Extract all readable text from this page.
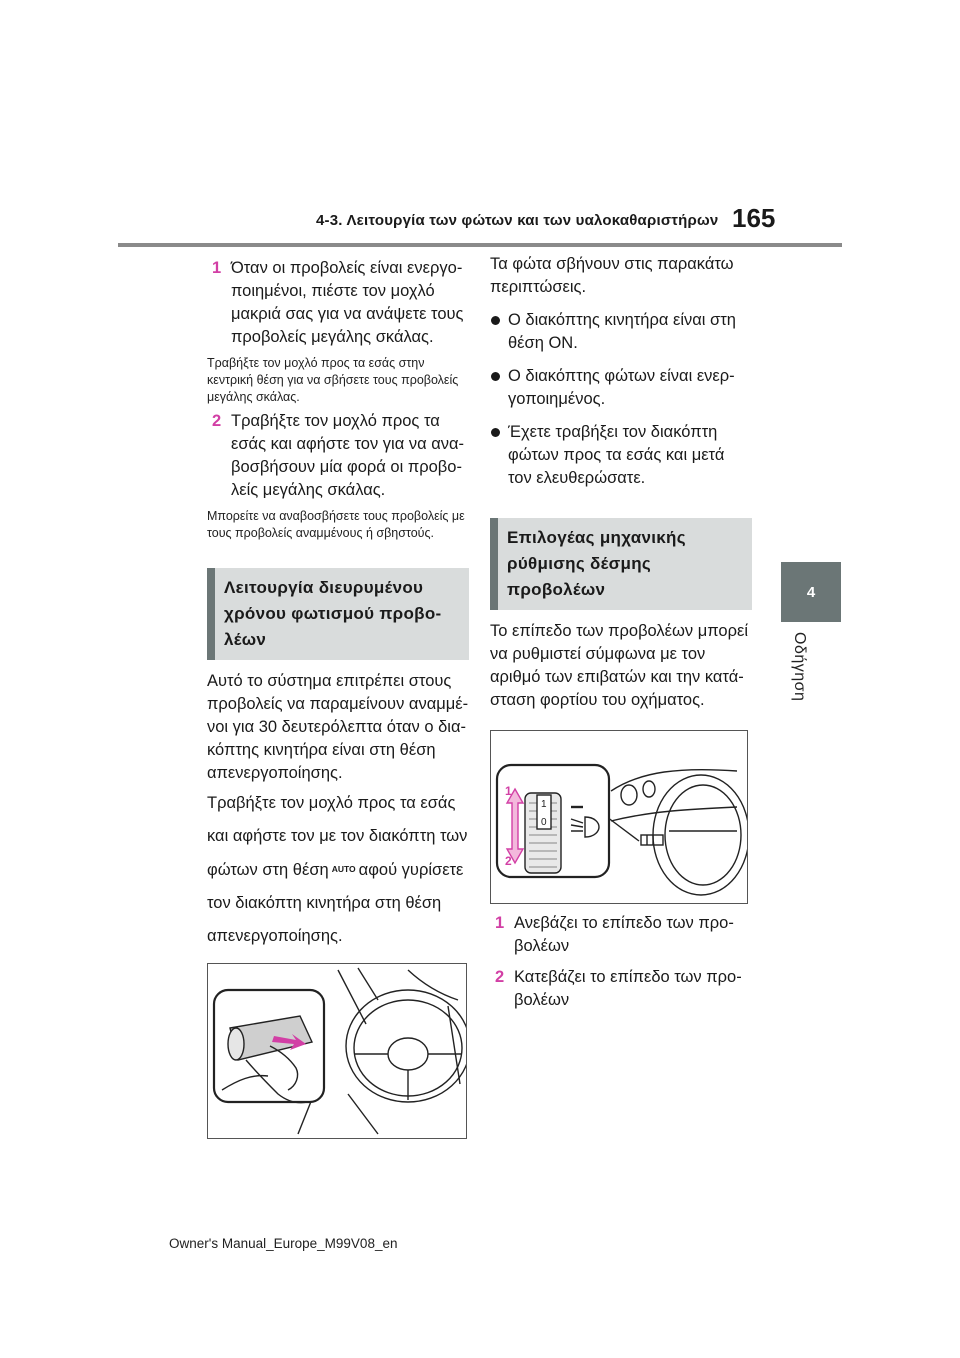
4-3. Λειτουργία των φώτων και των υαλοκαθαριστήρων 165
4
Οδήγηση
1 Όταν οι προβολείς είναι ενεργοποιημένοι, πιέστε τον μοχλό μακριά σας για να ανάψετε τους προβολείς μεγάλης σκάλας.
Τραβήξτε τον μοχλό προς τα εσάς στην κεντρική θέση για να σβήσετε τους προβολείς μεγάλης σκάλας.
2 Τραβήξτε τον μοχλό προς τα εσάς και αφήστε τον για να αναβοσβήσουν μία φορά οι προβολείς μεγάλης σκάλας.
Μπορείτε να αναβοσβήσετε τους προβολείς με τους προβολείς αναμμένους ή σβηστούς.
Λειτουργία διευρυμένου χρόνου φωτισμού προβολέων

Αυτό το σύστημα επιτρέπει στους προβολείς να παραμείνουν αναμμένοι για 30 δευτερόλεπτα όταν ο διακόπτης κινητήρα είναι στη θέση απενεργοποίησης.

Τραβήξτε τον μοχλό προς τα εσάς και αφήστε τον με τον διακόπτη των φώτων στη θέση AUTO αφού γυρίσετε τον διακόπτη κινητήρα στη θέση απενεργοποίησης.

Τα φώτα σβήνουν στις παρακάτω περιπτώσεις.

Ο διακόπτης κινητήρα είναι στη θέση ON.
Ο διακόπτης φώτων είναι ενεργοποιημένος.
Έχετε τραβήξει τον διακόπτη φώτων προς τα εσάς και μετά τον ελευθερώσατε.
Επιλογέας μηχανικής ρύθμισης δέσμης προβολέων

Το επίπεδο των προβολέων μπορεί να ρυθμιστεί σύμφωνα με τον αριθμό των επιβατών και την κατάσταση φορτίου του οχήματος.

1
2
1
0
1 Ανεβάζει το επίπεδο των προβολέων
2 Κατεβάζει το επίπεδο των προβολέων
Owner's Manual_Europe_M99V08_en
